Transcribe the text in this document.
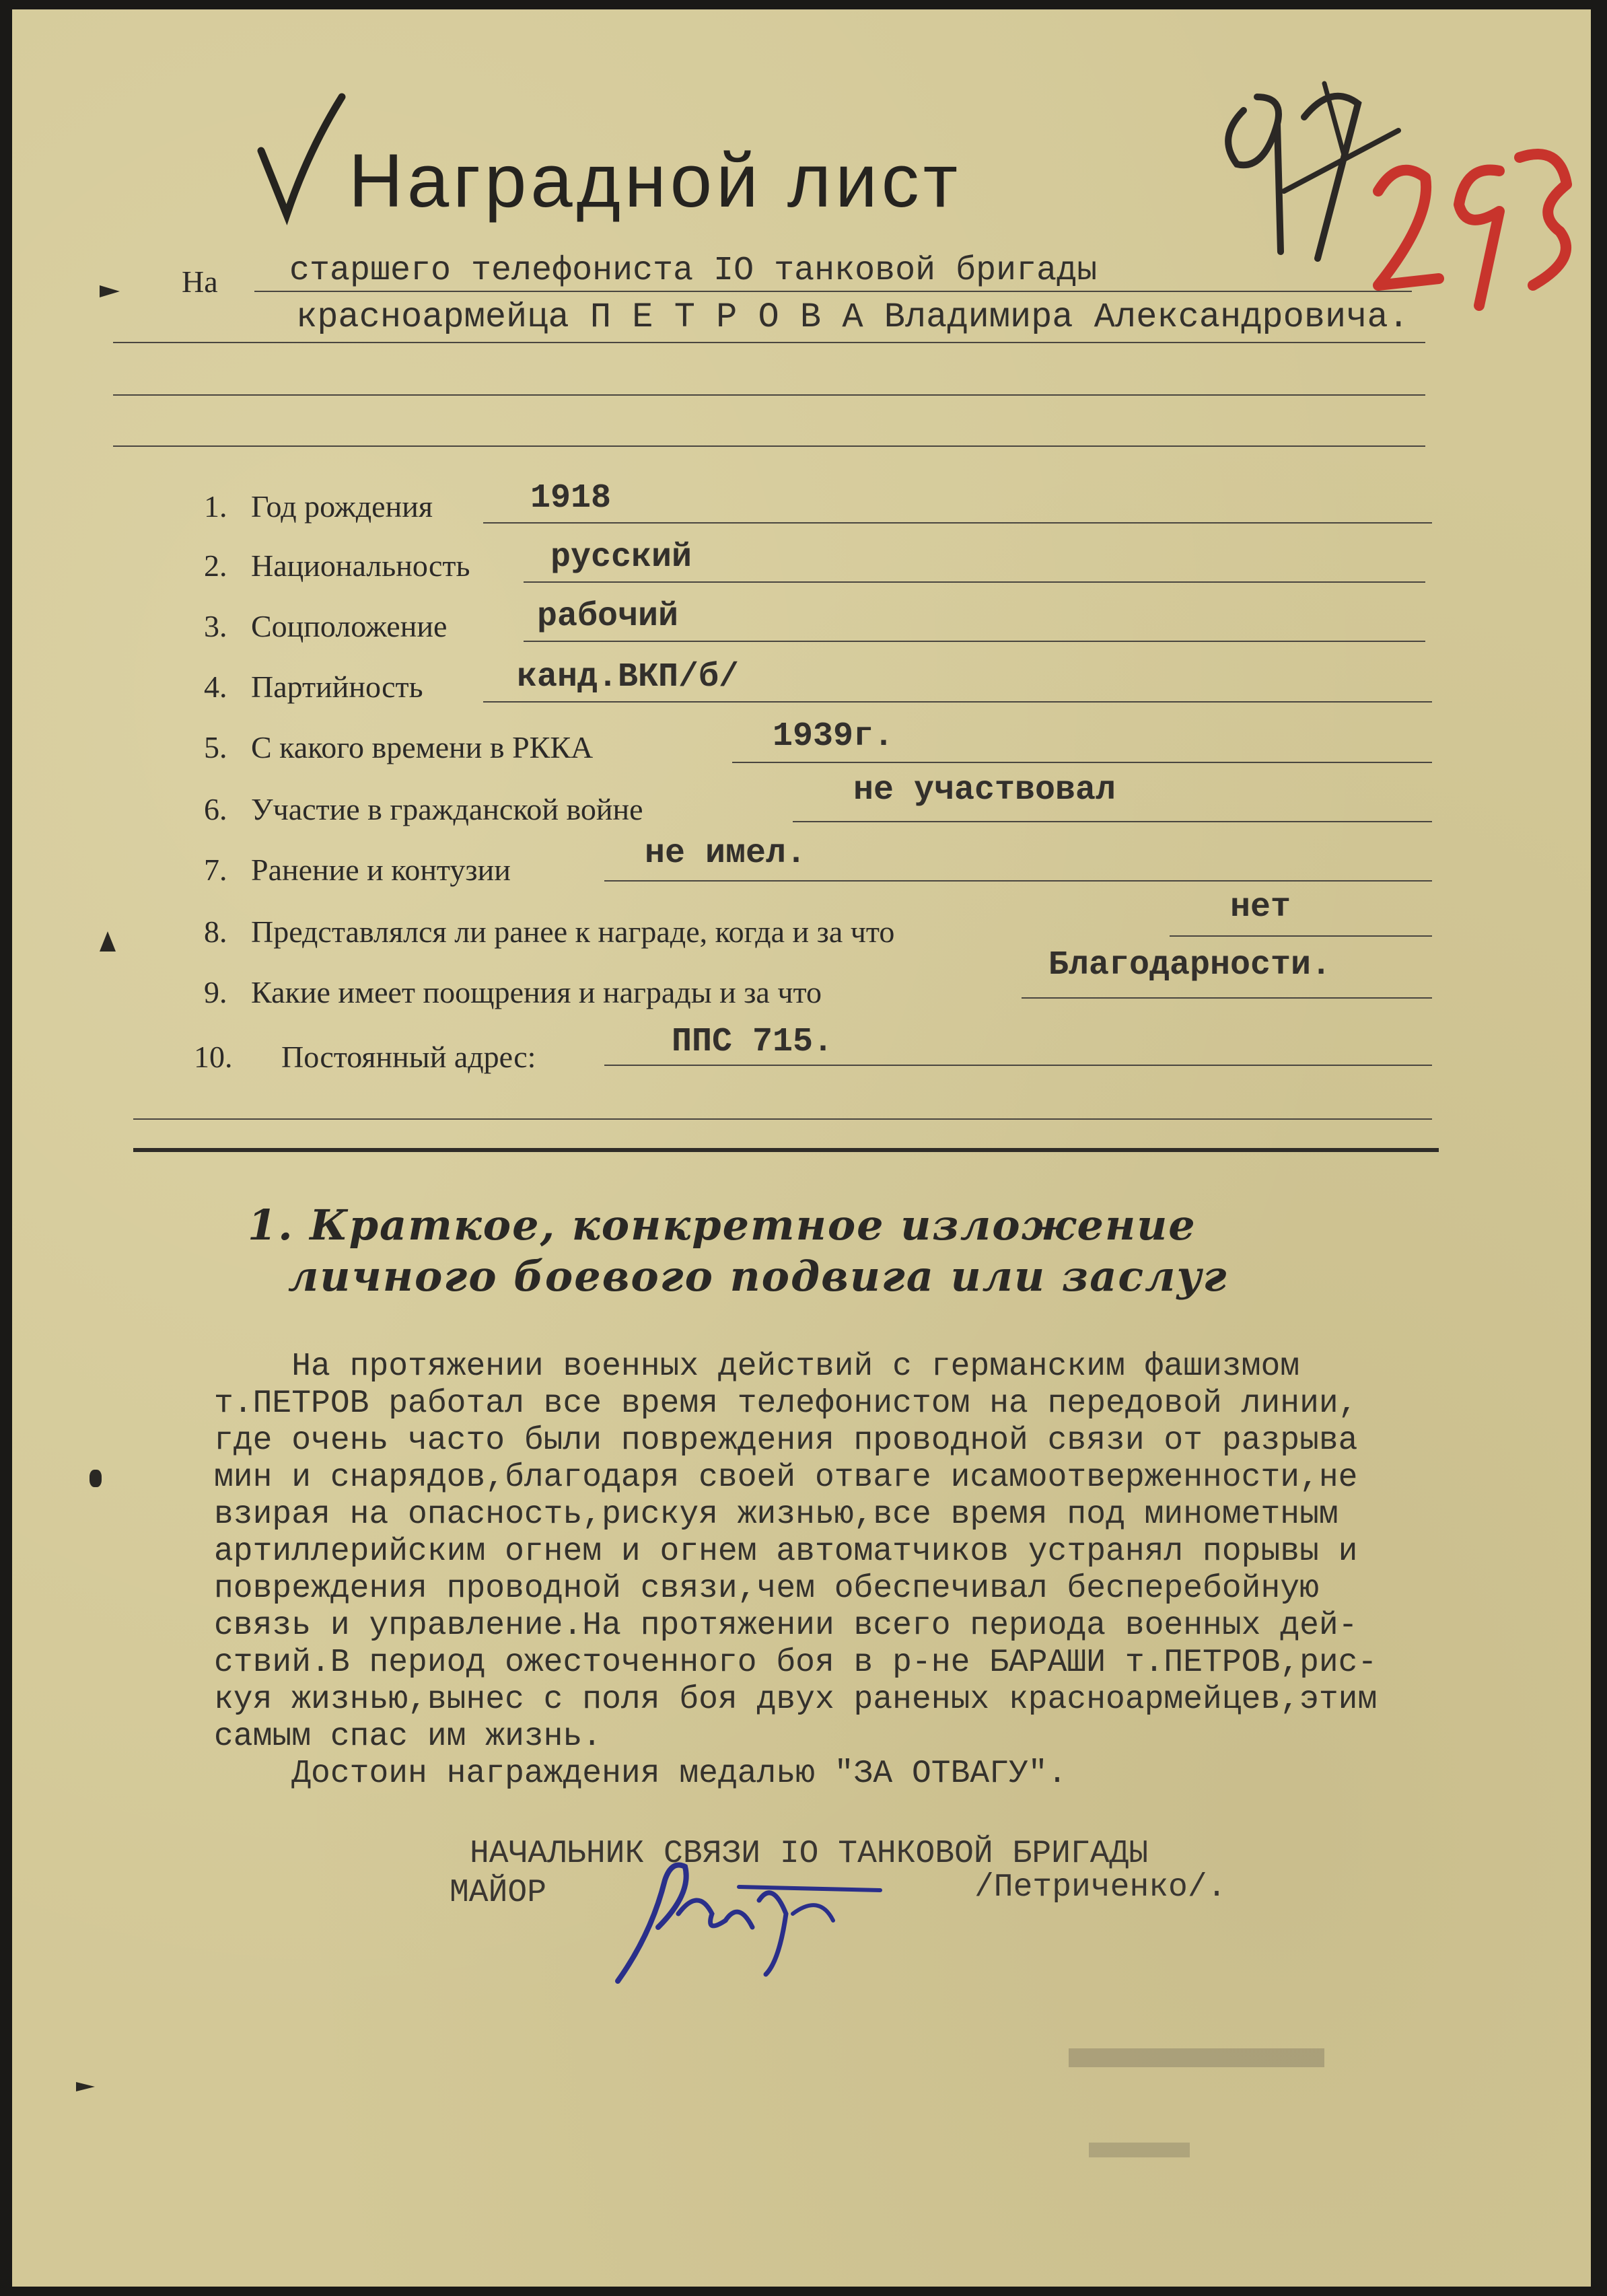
Наградной лист
На старшего телефониста IO танковой бригады
красноармейца П Е Т Р О В А Владимира Александровича.
1. Год рождения	1918
2. Национальность русский
3. Соцположение	рабочий
4. Партийность	канд.ВКП/б/
5. С какого времени в РККА	1939г.
6. Участие в гражданской войне	не участвовал
7. Ранение и контузии	не имел.
8. Представлялся ли ранее к награде, когда и за что
нет
9. Какие имеет поощрения и награды и за что
Благодарности.
10. Постоянный адрес:	ППС 715.
1. Краткое, конкретное изложение
личного боевого подвига или заслуг

На протяжении военных действий с германским фашизмом

т.ПЕТРОВ работал все время телефонистом на передовой линии,

где очень часто были повреждения проводной связи от разрыва

мин и снарядов,благодаря своей отваге исамоотверженности,не

взирая на опасность,рискуя жизнью,все время под минометным

артиллерийским огнем и огнем автоматчиков устранял порывы и

повреждения проводной связи,чем обеспечивал бесперебойную

связь и управление.На протяжении всего периода военных дей-

ствий.В период ожесточенного боя в р-не БАРАШИ т.ПЕТРОВ,рис-

куя жизнью,вынес с поля боя двух раненых красноармейцев,этим

самым спас им жизнь.

Достоин награждения медалью "ЗА ОТВАГУ".

НАЧАЛЬНИК СВЯЗИ IO ТАНКОВОЙ БРИГАДЫ
МАЙОР	/Петриченко/.
